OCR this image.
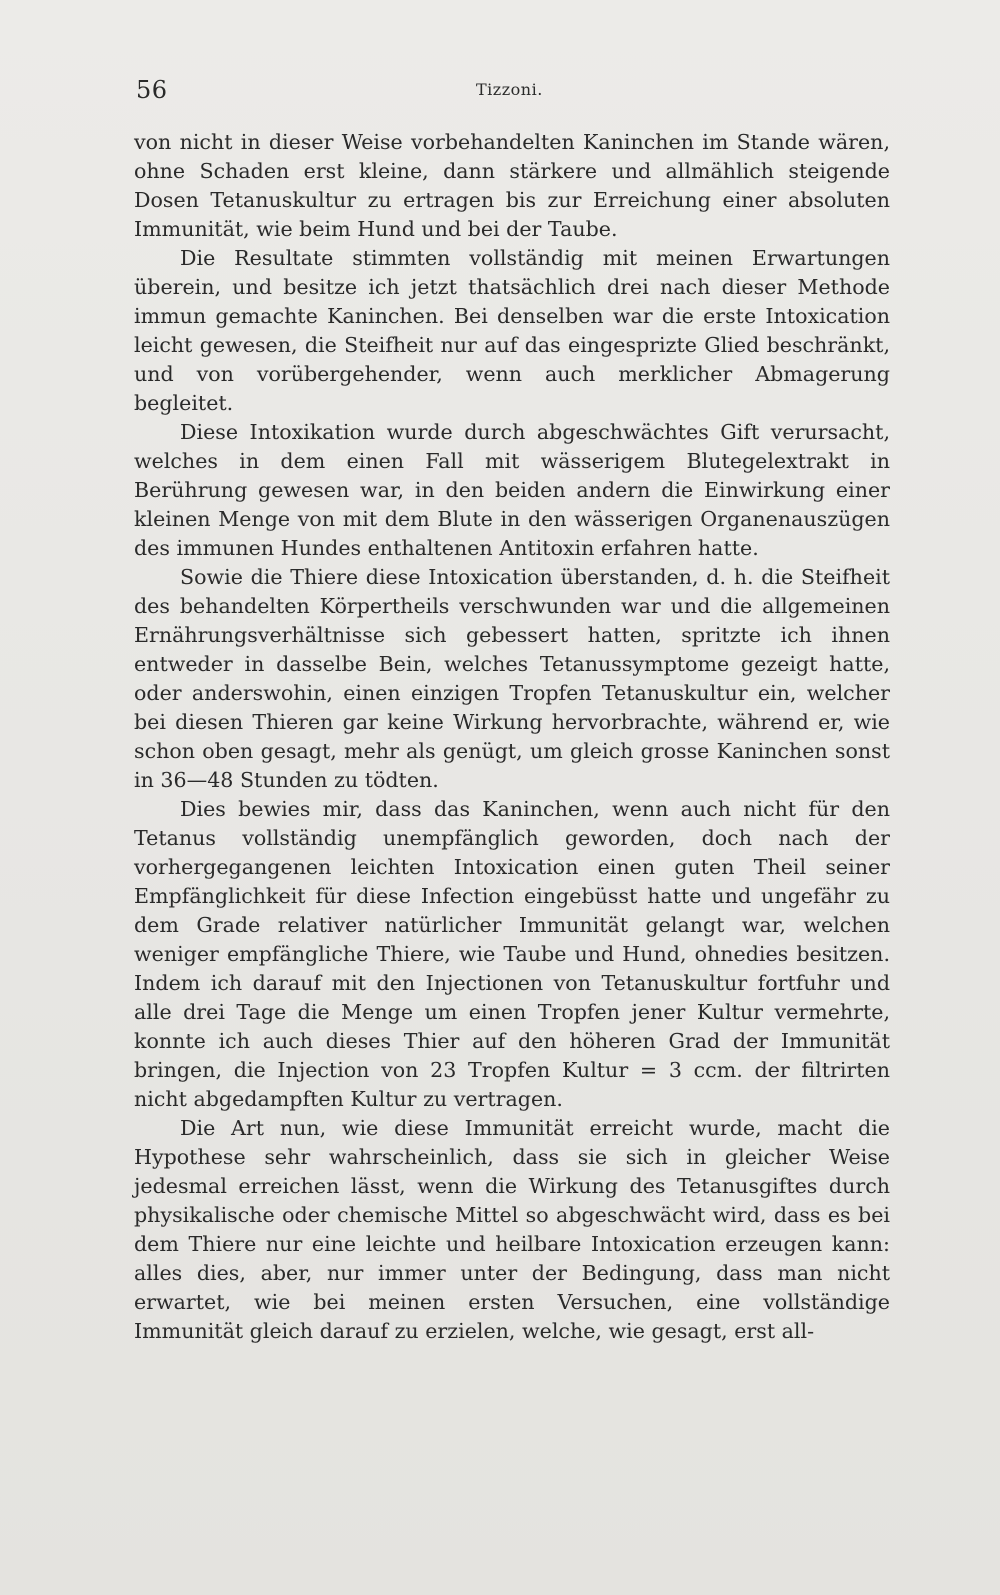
56	Tizzoni.

von nicht in dieser Weise vorbehandelten Kaninchen im Stande wären, ohne Schaden erst kleine, dann stärkere und allmählich steigende Dosen Tetanuskultur zu ertragen bis zur Erreichung einer absoluten Immunität, wie beim Hund und bei der Taube.

Die Resultate stimmten vollständig mit meinen Erwartungen überein, und besitze ich jetzt thatsächlich drei nach dieser Methode immun gemachte Kaninchen. Bei denselben war die erste Intoxication leicht gewesen, die Steifheit nur auf das eingesprizte Glied beschränkt, und von vorübergehender, wenn auch merklicher Abmagerung begleitet.

Diese Intoxikation wurde durch abgeschwächtes Gift verursacht, welches in dem einen Fall mit wässerigem Blutegelextrakt in Berührung gewesen war, in den beiden andern die Einwirkung einer kleinen Menge von mit dem Blute in den wässerigen Organenauszügen des immunen Hundes enthaltenen Antitoxin erfahren hatte.

Sowie die Thiere diese Intoxication überstanden, d. h. die Steifheit des behandelten Körpertheils verschwunden war und die allgemeinen Ernährungsverhältnisse sich gebessert hatten, spritzte ich ihnen entweder in dasselbe Bein, welches Tetanussymptome gezeigt hatte, oder anderswohin, einen einzigen Tropfen Tetanuskultur ein, welcher bei diesen Thieren gar keine Wirkung hervorbrachte, während er, wie schon oben gesagt, mehr als genügt, um gleich grosse Kaninchen sonst in 36—48 Stunden zu tödten.

Dies bewies mir, dass das Kaninchen, wenn auch nicht für den Tetanus vollständig unempfänglich geworden, doch nach der vorhergegangenen leichten Intoxication einen guten Theil seiner Empfänglichkeit für diese Infection eingebüsst hatte und ungefähr zu dem Grade relativer natürlicher Immunität gelangt war, welchen weniger empfängliche Thiere, wie Taube und Hund, ohnedies besitzen. Indem ich darauf mit den Injectionen von Tetanuskultur fortfuhr und alle drei Tage die Menge um einen Tropfen jener Kultur vermehrte, konnte ich auch dieses Thier auf den höheren Grad der Immunität bringen, die Injection von 23 Tropfen Kultur = 3 ccm. der filtrirten nicht abgedampften Kultur zu vertragen.

Die Art nun, wie diese Immunität erreicht wurde, macht die Hypothese sehr wahrscheinlich, dass sie sich in gleicher Weise jedesmal erreichen lässt, wenn die Wirkung des Tetanusgiftes durch physikalische oder chemische Mittel so abgeschwächt wird, dass es bei dem Thiere nur eine leichte und heilbare Intoxication erzeugen kann: alles dies, aber, nur immer unter der Bedingung, dass man nicht erwartet, wie bei meinen ersten Versuchen, eine vollständige Immunität gleich darauf zu erzielen, welche, wie gesagt, erst all-
